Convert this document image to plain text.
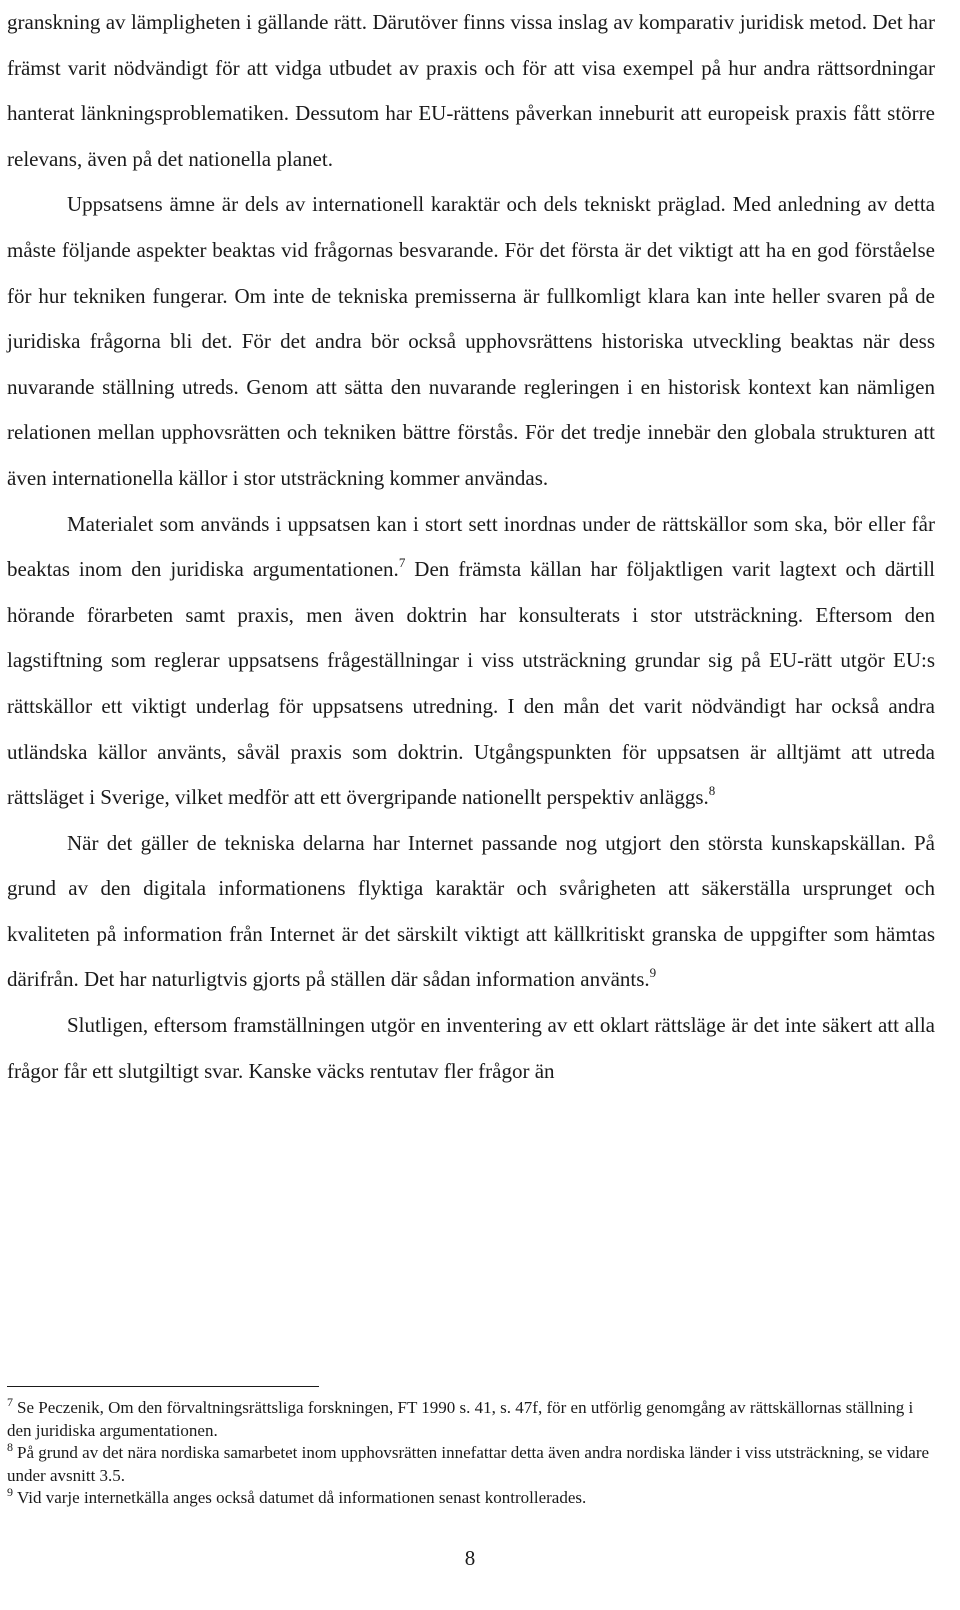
granskning av lämpligheten i gällande rätt. Därutöver finns vissa inslag av komparativ juridisk metod. Det har främst varit nödvändigt för att vidga utbudet av praxis och för att visa exempel på hur andra rättsordningar hanterat länkningsproblematiken. Dessutom har EU-rättens påverkan inneburit att europeisk praxis fått större relevans, även på det nationella planet.

Uppsatsens ämne är dels av internationell karaktär och dels tekniskt präglad. Med anledning av detta måste följande aspekter beaktas vid frågornas besvarande. För det första är det viktigt att ha en god förståelse för hur tekniken fungerar. Om inte de tekniska premisserna är fullkomligt klara kan inte heller svaren på de juridiska frågorna bli det. För det andra bör också upphovsrättens historiska utveckling beaktas när dess nuvarande ställning utreds. Genom att sätta den nuvarande regleringen i en historisk kontext kan nämligen relationen mellan upphovsrätten och tekniken bättre förstås. För det tredje innebär den globala strukturen att även internationella källor i stor utsträckning kommer användas.

Materialet som används i uppsatsen kan i stort sett inordnas under de rättskällor som ska, bör eller får beaktas inom den juridiska argumentationen.$^7$ Den främsta källan har följaktligen varit lagtext och därtill hörande förarbeten samt praxis, men även doktrin har konsulterats i stor utsträckning. Eftersom den lagstiftning som reglerar uppsatsens frågeställningar i viss utsträckning grundar sig på EU-rätt utgör EU:s rättskällor ett viktigt underlag för uppsatsens utredning. I den mån det varit nödvändigt har också andra utländska källor använts, såväl praxis som doktrin. Utgångspunkten för uppsatsen är alltjämt att utreda rättsläget i Sverige, vilket medför att ett övergripande nationellt perspektiv anläggs.$^8$

När det gäller de tekniska delarna har Internet passande nog utgjort den största kunskapskällan. På grund av den digitala informationens flyktiga karaktär och svårigheten att säkerställa ursprunget och kvaliteten på information från Internet är det särskilt viktigt att källkritiskt granska de uppgifter som hämtas därifrån. Det har naturligtvis gjorts på ställen där sådan information använts.$^9$

Slutligen, eftersom framställningen utgör en inventering av ett oklart rättsläge är det inte säkert att alla frågor får ett slutgiltigt svar. Kanske väcks rentutav fler frågor än

$^7$ Se Peczenik, Om den förvaltningsrättsliga forskningen, FT 1990 s. 41, s. 47f, för en utförlig genomgång av rättskällornas ställning i den juridiska argumentationen.

$^8$ På grund av det nära nordiska samarbetet inom upphovsrätten innefattar detta även andra nordiska länder i viss utsträckning, se vidare under avsnitt 3.5.

$^9$ Vid varje internetkälla anges också datumet då informationen senast kontrollerades.

8
